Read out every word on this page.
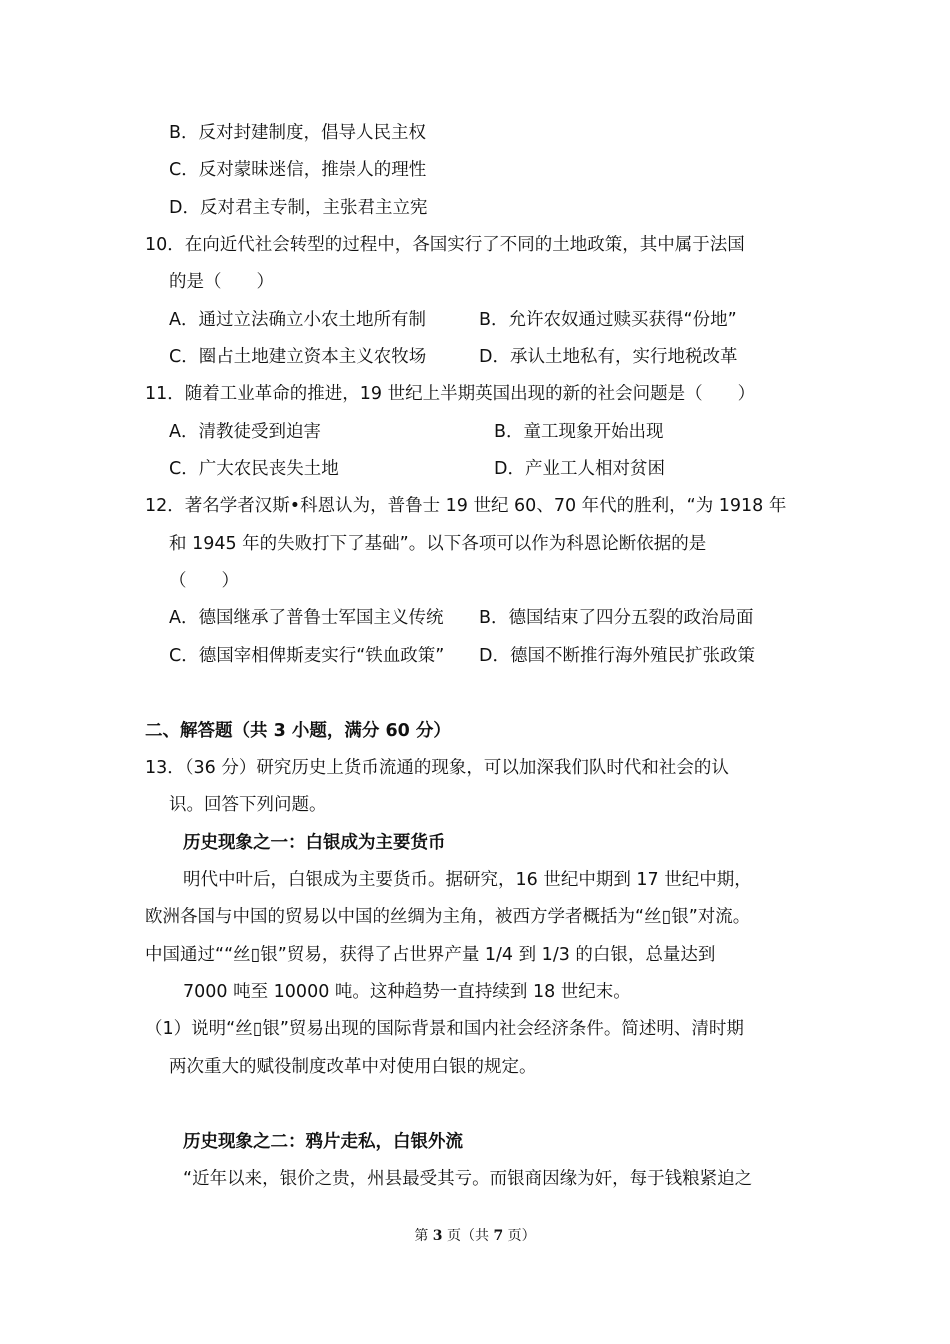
B．反对封建制度，倡导人民主权
C．反对蒙昧迷信，推崇人的理性
D．反对君主专制，主张君主立宪
10．在向近代社会转型的过程中，各国实行了不同的土地政策，其中属于法国
的是（　　）
A．通过立法确立小农土地所有制	B．允许农奴通过赎买获得“份地”
C．圈占土地建立资本主义农牧场	D．承认土地私有，实行地税改革
11．随着工业革命的推进，19 世纪上半期英国出现的新的社会问题是（　　）
A．清教徒受到迫害	B．童工现象开始出现
C．广大农民丧失土地	D．产业工人相对贫困
12．著名学者汉斯•科恩认为，普鲁士 19 世纪 60、70 年代的胜利，“为 1918 年
和 1945 年的失败打下了基础”。以下各项可以作为科恩论断依据的是
（　　）
A．德国继承了普鲁士军国主义传统 B．德国结束了四分五裂的政治局面
C．德国宰相俾斯麦实行“铁血政策” D．德国不断推行海外殖民扩张政策
二、解答题（共 3 小题，满分 60 分）
13．（36 分）研究历史上货币流通的现象，可以加深我们队时代和社会的认
识。回答下列问题。
历史现象之一：白银成为主要货币
明代中叶后，白银成为主要货币。据研究，16 世纪中期到 17 世纪中期，
欧洲各国与中国的贸易以中国的丝绸为主角，被西方学者概括为“丝▯银”对流。
中国通过““丝▯银”贸易，获得了占世界产量 1/4 到 1/3 的白银，总量达到
7000 吨至 10000 吨。这种趋势一直持续到 18 世纪末。
（1）说明“丝▯银”贸易出现的国际背景和国内社会经济条件。简述明、清时期
两次重大的赋役制度改革中对使用白银的规定。
历史现象之二：鸦片走私，白银外流
“近年以来，银价之贵，州县最受其亏。而银商因缘为奸，每于钱粮紧迫之
第 3 页（共 7 页）
